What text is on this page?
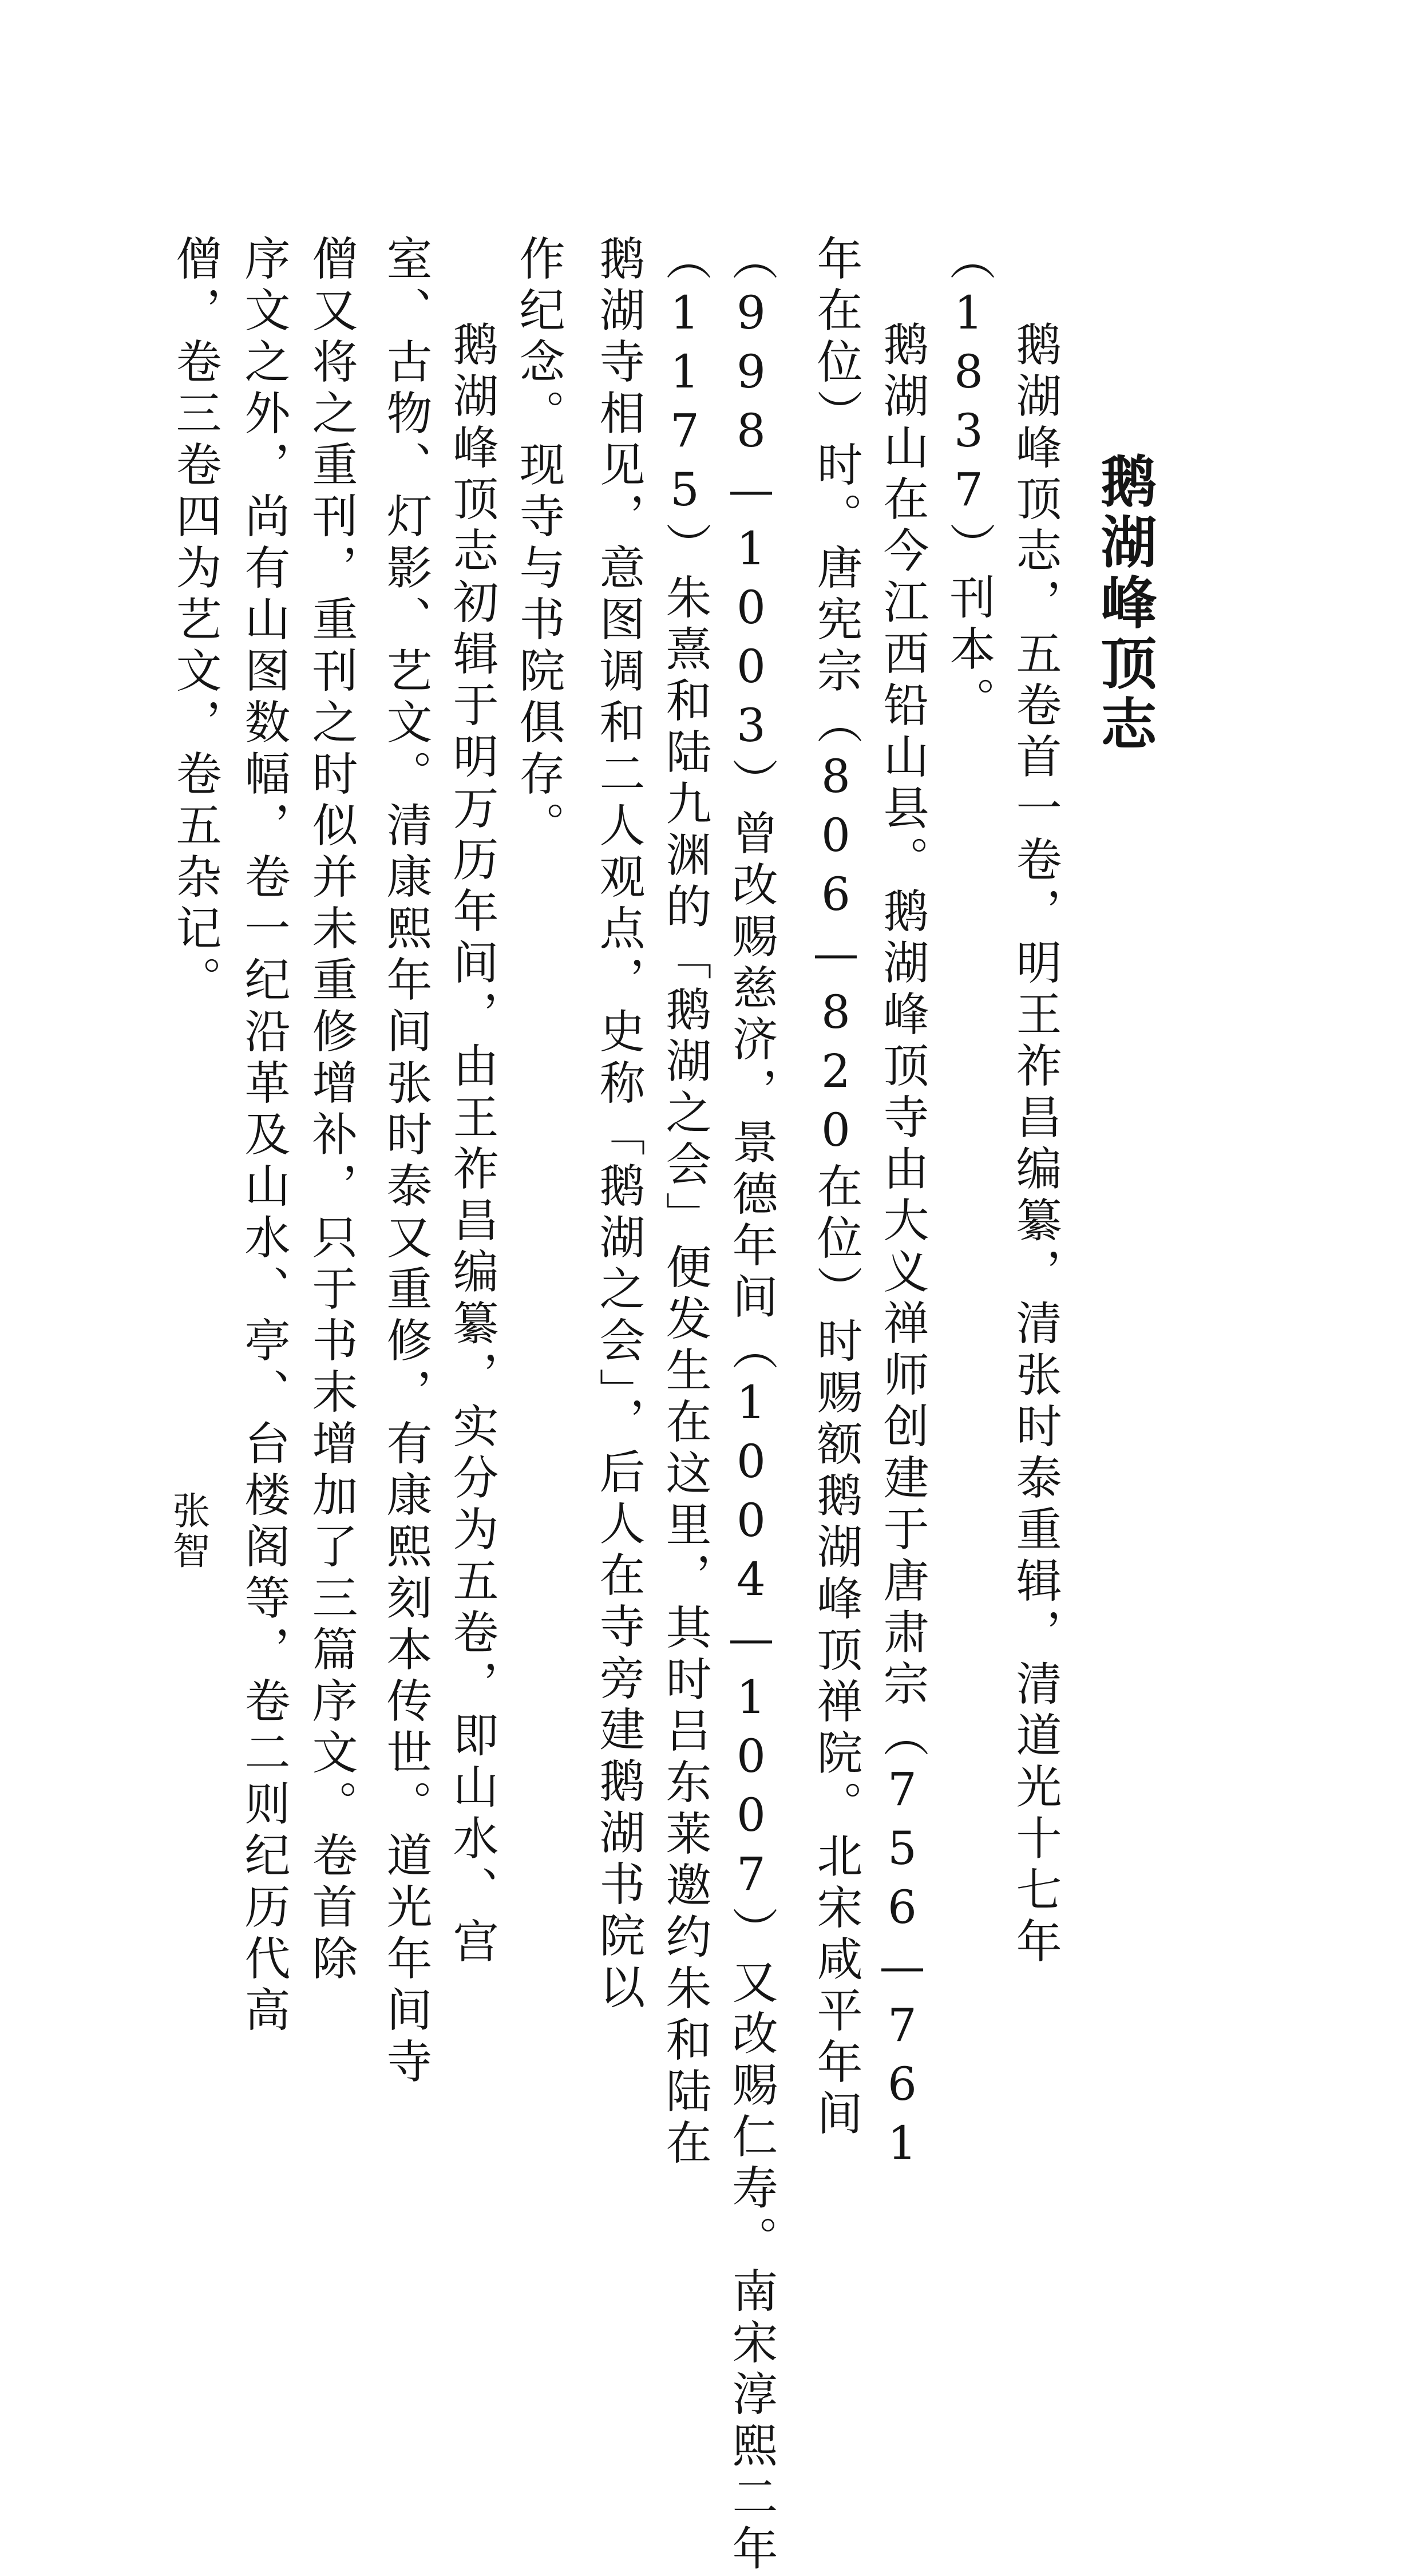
鹅湖峰顶志
鹅湖峰顶志，五卷首一卷，明王祚昌编纂，清张时泰重辑，清道光十七年
（1837）刊本。
鹅湖山在今江西铅山县。鹅湖峰顶寺由大义禅师创建于唐肃宗（756—761
年在位）时。唐宪宗（806—820在位）时赐额鹅湖峰顶禅院。北宋咸平年间
（998—1003）曾改赐慈济，景德年间（1004—1007）又改赐仁寿。南宋淳熙二年
（1175）朱熹和陆九渊的「鹅湖之会」便发生在这里，其时吕东莱邀约朱和陆在
鹅湖寺相见，意图调和二人观点，史称「鹅湖之会」，后人在寺旁建鹅湖书院以
作纪念。现寺与书院俱存。
鹅湖峰顶志初辑于明万历年间，由王祚昌编纂，实分为五卷，即山水、宫
室、古物、灯影、艺文。清康熙年间张时泰又重修，有康熙刻本传世。道光年间寺
僧又将之重刊，重刊之时似并未重修增补，只于书末增加了三篇序文。卷首除
序文之外，尚有山图数幅，卷一纪沿革及山水、亭、台楼阁等，卷二则纪历代高
僧，卷三卷四为艺文，卷五杂记。
张智
